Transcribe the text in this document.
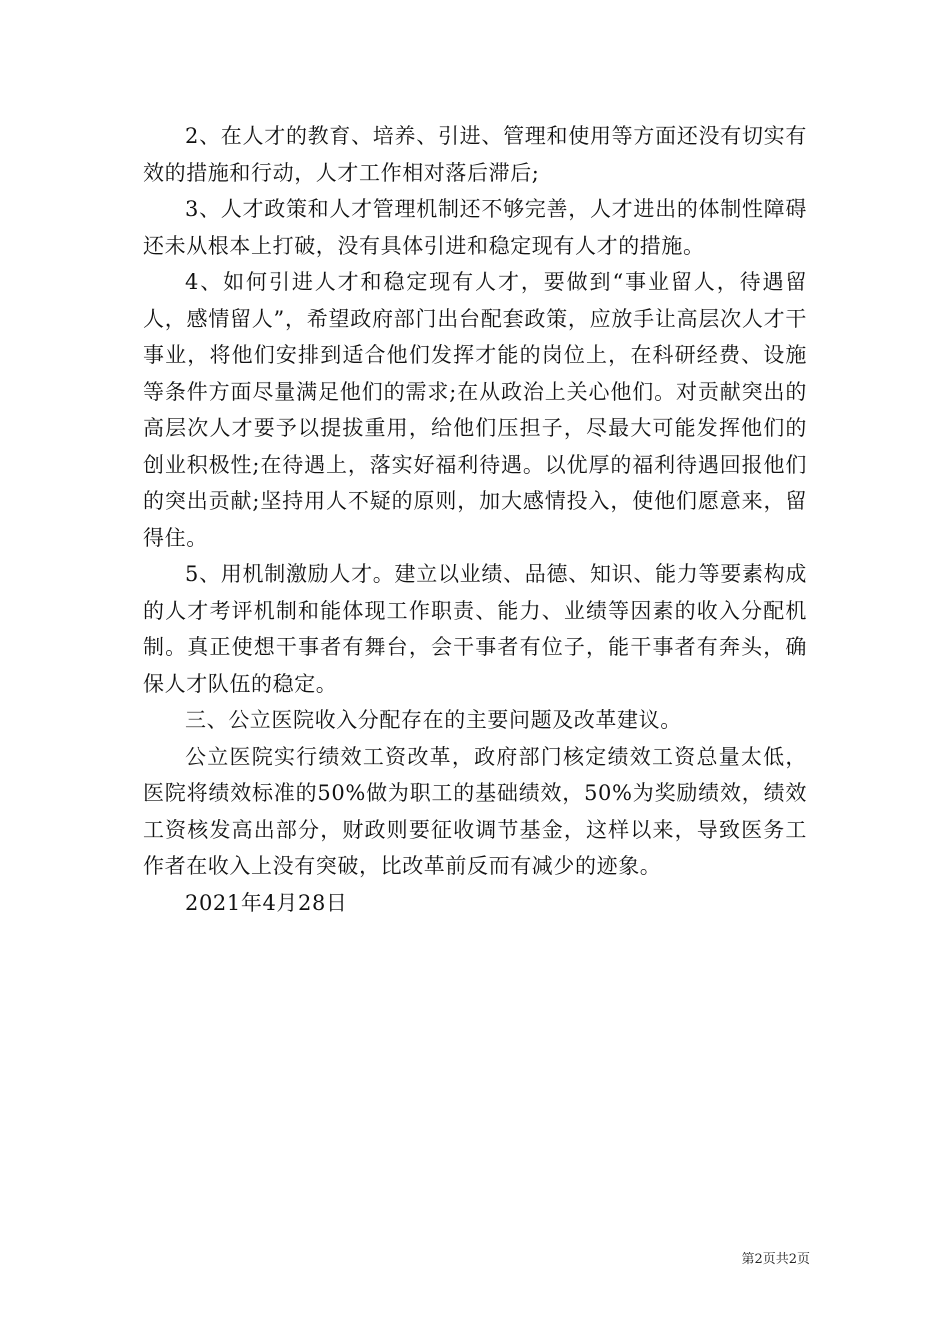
2、在人才的教育、培养、引进、管理和使用等方面还没有切实有效的措施和行动，人才工作相对落后滞后;

3、人才政策和人才管理机制还不够完善，人才进出的体制性障碍还未从根本上打破，没有具体引进和稳定现有人才的措施。

4、如何引进人才和稳定现有人才，要做到“事业留人，待遇留人，感情留人”，希望政府部门出台配套政策，应放手让高层次人才干事业，将他们安排到适合他们发挥才能的岗位上，在科研经费、设施等条件方面尽量满足他们的需求;在从政治上关心他们。对贡献突出的高层次人才要予以提拔重用，给他们压担子，尽最大可能发挥他们的创业积极性;在待遇上，落实好福利待遇。以优厚的福利待遇回报他们的突出贡献;坚持用人不疑的原则，加大感情投入，使他们愿意来，留得住。

5、用机制激励人才。建立以业绩、品德、知识、能力等要素构成的人才考评机制和能体现工作职责、能力、业绩等因素的收入分配机制。真正使想干事者有舞台，会干事者有位子，能干事者有奔头，确保人才队伍的稳定。

三、公立医院收入分配存在的主要问题及改革建议。

公立医院实行绩效工资改革，政府部门核定绩效工资总量太低，医院将绩效标准的50%做为职工的基础绩效，50%为奖励绩效，绩效工资核发高出部分，财政则要征收调节基金，这样以来，导致医务工作者在收入上没有突破，比改革前反而有减少的迹象。

2021年4月28日

第2页共2页
